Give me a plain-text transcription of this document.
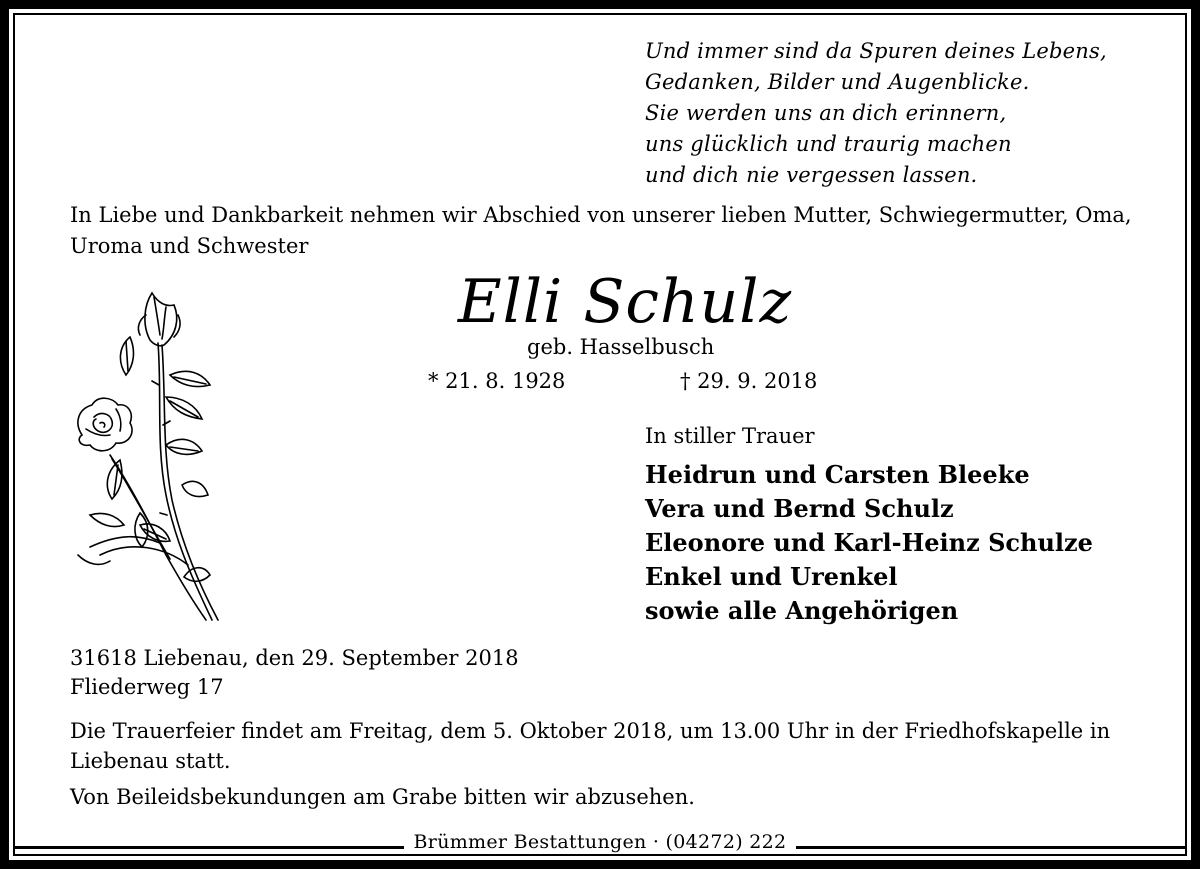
Und immer sind da Spuren deines Lebens,
Gedanken, Bilder und Augenblicke.
Sie werden uns an dich erinnern,
uns glücklich und traurig machen
und dich nie vergessen lassen.
In Liebe und Dankbarkeit nehmen wir Abschied von unserer lieben Mutter, Schwiegermutter, Oma, Uroma und Schwester
Elli Schulz
geb. Hasselbusch
* 21. 8. 1928	† 29. 9. 2018
In stiller Trauer
Heidrun und Carsten Bleeke
Vera und Bernd Schulz
Eleonore und Karl-Heinz Schulze
Enkel und Urenkel
sowie alle Angehörigen
31618 Liebenau, den 29. September 2018
Fliederweg 17
Die Trauerfeier findet am Freitag, dem 5. Oktober 2018, um 13.00 Uhr in der Friedhofskapelle in Liebenau statt.
Von Beileidsbekundungen am Grabe bitten wir abzusehen.
Brümmer Bestattungen · (04272) 222
